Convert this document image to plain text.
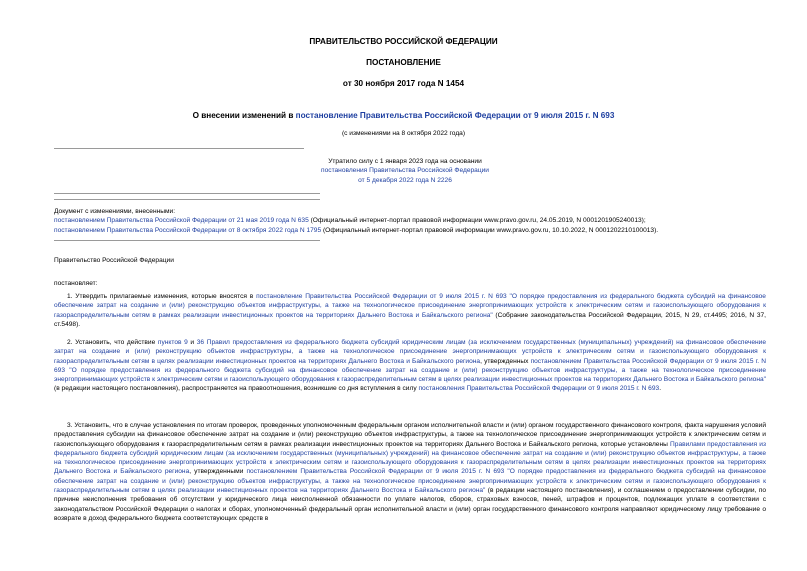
ПРАВИТЕЛЬСТВО РОССИЙСКОЙ ФЕДЕРАЦИИ
ПОСТАНОВЛЕНИЕ
от 30 ноября 2017 года N 1454
О внесении изменений в постановление Правительства Российской Федерации от 9 июля 2015 г. N 693
(с изменениями на 8 октября 2022 года)
Утратило силу с 1 января 2023 года на основании
постановления Правительства Российской Федерации
от 5 декабря 2022 года N 2226
Документ с изменениями, внесенными:
постановлением Правительства Российской Федерации от 21 мая 2019 года N 635 (Официальный интернет-портал правовой информации www.pravo.gov.ru, 24.05.2019, N 0001201905240013);
постановлением Правительства Российской Федерации от 8 октября 2022 года N 1795 (Официальный интернет-портал правовой информации www.pravo.gov.ru, 10.10.2022, N 0001202210100013).
Правительство Российской Федерации
постановляет:
1. Утвердить прилагаемые изменения, которые вносятся в постановление Правительства Российской Федерации от 9 июля 2015 г. N 693 "О порядке предоставления из федерального бюджета субсидий на финансовое обеспечение затрат на создание и (или) реконструкцию объектов инфраструктуры, а также на технологическое присоединение энергопринимающих устройств к электрическим сетям и газоиспользующего оборудования к газораспределительным сетям в рамках реализации инвестиционных проектов на территориях Дальнего Востока и Байкальского региона" (Собрание законодательства Российской Федерации, 2015, N 29, ст.4495; 2016, N 37, ст.5498).
2. Установить, что действие пунктов 9 и 36 Правил предоставления из федерального бюджета субсидий юридическим лицам (за исключением государственных (муниципальных) учреждений) на финансовое обеспечение затрат на создание и (или) реконструкцию объектов инфраструктуры, а также на технологическое присоединение энергопринимающих устройств к электрическим сетям и газоиспользующего оборудования к газораспределительным сетям в целях реализации инвестиционных проектов на территориях Дальнего Востока и Байкальского региона, утвержденных постановлением Правительства Российской Федерации от 9 июля 2015 г. N 693 "О порядке предоставления из федерального бюджета субсидий на финансовое обеспечение затрат на создание и (или) реконструкцию объектов инфраструктуры, а также на технологическое присоединение энергопринимающих устройств к электрическим сетям и газоиспользующего оборудования к газораспределительным сетям в целях реализации инвестиционных проектов на территориях Дальнего Востока и Байкальского региона" (в редакции настоящего постановления), распространяется на правоотношения, возникшие со дня вступления в силу постановления Правительства Российской Федерации от 9 июля 2015 г. N 693.
3. Установить, что в случае установления по итогам проверок, проведенных уполномоченным федеральным органом исполнительной власти и (или) органом государственного финансового контроля, факта нарушения условий предоставления субсидии на финансовое обеспечение затрат на создание и (или) реконструкцию объектов инфраструктуры, а также на технологическое присоединение энергопринимающих устройств к электрическим сетям и газоиспользующего оборудования к газораспределительным сетям в рамках реализации инвестиционных проектов на территориях Дальнего Востока и Байкальского региона, которые установлены Правилами предоставления из федерального бюджета субсидий юридическим лицам (за исключением государственных (муниципальных) учреждений) на финансовое обеспечение затрат на создание и (или) реконструкцию объектов инфраструктуры, а также на технологическое присоединение энергопринимающих устройств к электрическим сетям и газоиспользующего оборудования к газораспределительным сетям в целях реализации инвестиционных проектов на территориях Дальнего Востока и Байкальского региона, утвержденными постановлением Правительства Российской Федерации от 9 июля 2015 г. N 693 "О порядке предоставления из федерального бюджета субсидий на финансовое обеспечение затрат на создание и (или) реконструкцию объектов инфраструктуры, а также на технологическое присоединение энергопринимающих устройств к электрическим сетям и газоиспользующего оборудования к газораспределительным сетям в целях реализации инвестиционных проектов на территориях Дальнего Востока и Байкальского региона" (в редакции настоящего постановления), и соглашением о предоставлении субсидии, по причине неисполнения требования об отсутствии у юридического лица неисполненной обязанности по уплате налогов, сборов, страховых взносов, пеней, штрафов и процентов, подлежащих уплате в соответствии с законодательством Российской Федерации о налогах и сборах, уполномоченный федеральный орган исполнительной власти и (или) орган государственного финансового контроля направляют юридическому лицу требование о возврате в доход федерального бюджета соответствующих средств в
